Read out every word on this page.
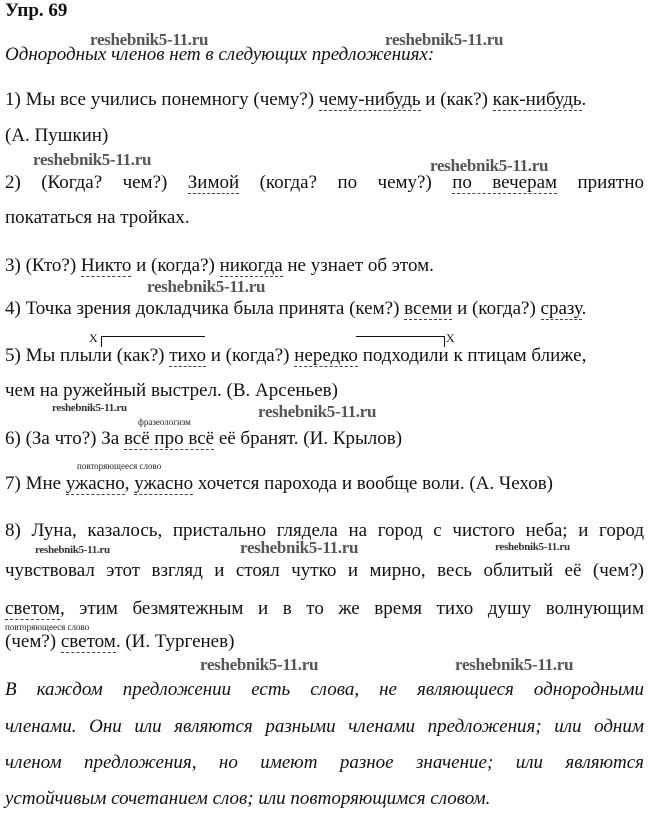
Упр. 69
reshebnik5-11.ru	reshebnik5-11.ru
Однородных членов нет в следующих предложениях:
1) Мы все учились понемногу (чему?) чему-нибудь и (как?) как-нибудь.
(А. Пушкин)
reshebnik5-11.ru	reshebnik5-11.ru
2) (Когда? чем?) Зимой (когда? по чему?) по вечерам приятно
покататься на тройках.
3) (Кто?) Никто и (когда?) никогда не узнает об этом.
reshebnik5-11.ru
4) Точка зрения докладчика была принята (кем?) всеми и (когда?) сразу.
X	X
5) Мы плыли (как?) тихо и (когда?) нередко подходили к птицам ближе,
чем на ружейный выстрел. (В. Арсеньев)
reshebnik5-11.ru	reshebnik5-11.ru
фразеологизм
6) (За что?) За всё про всё её бранят. (И. Крылов)
повторяющееся слово
7) Мне ужасно, ужасно хочется парохода и вообще воли. (А. Чехов)
8) Луна, казалось, пристально глядела на город с чистого неба; и город
reshebnik5-11.ru	reshebnik5-11.ru	reshebnik5-11.ru
чувствовал этот взгляд и стоял чутко и мирно, весь облитый её (чем?)
светом, этим безмятежным и в то же время тихо душу волнующим
повторяющееся слово
(чем?) светом. (И. Тургенев)
reshebnik5-11.ru	reshebnik5-11.ru
В каждом предложении есть слова, не являющиеся однородными
членами. Они или являются разными членами предложения; или одним
членом предложения, но имеют разное значение; или являются
устойчивым сочетанием слов; или повторяющимся словом.
